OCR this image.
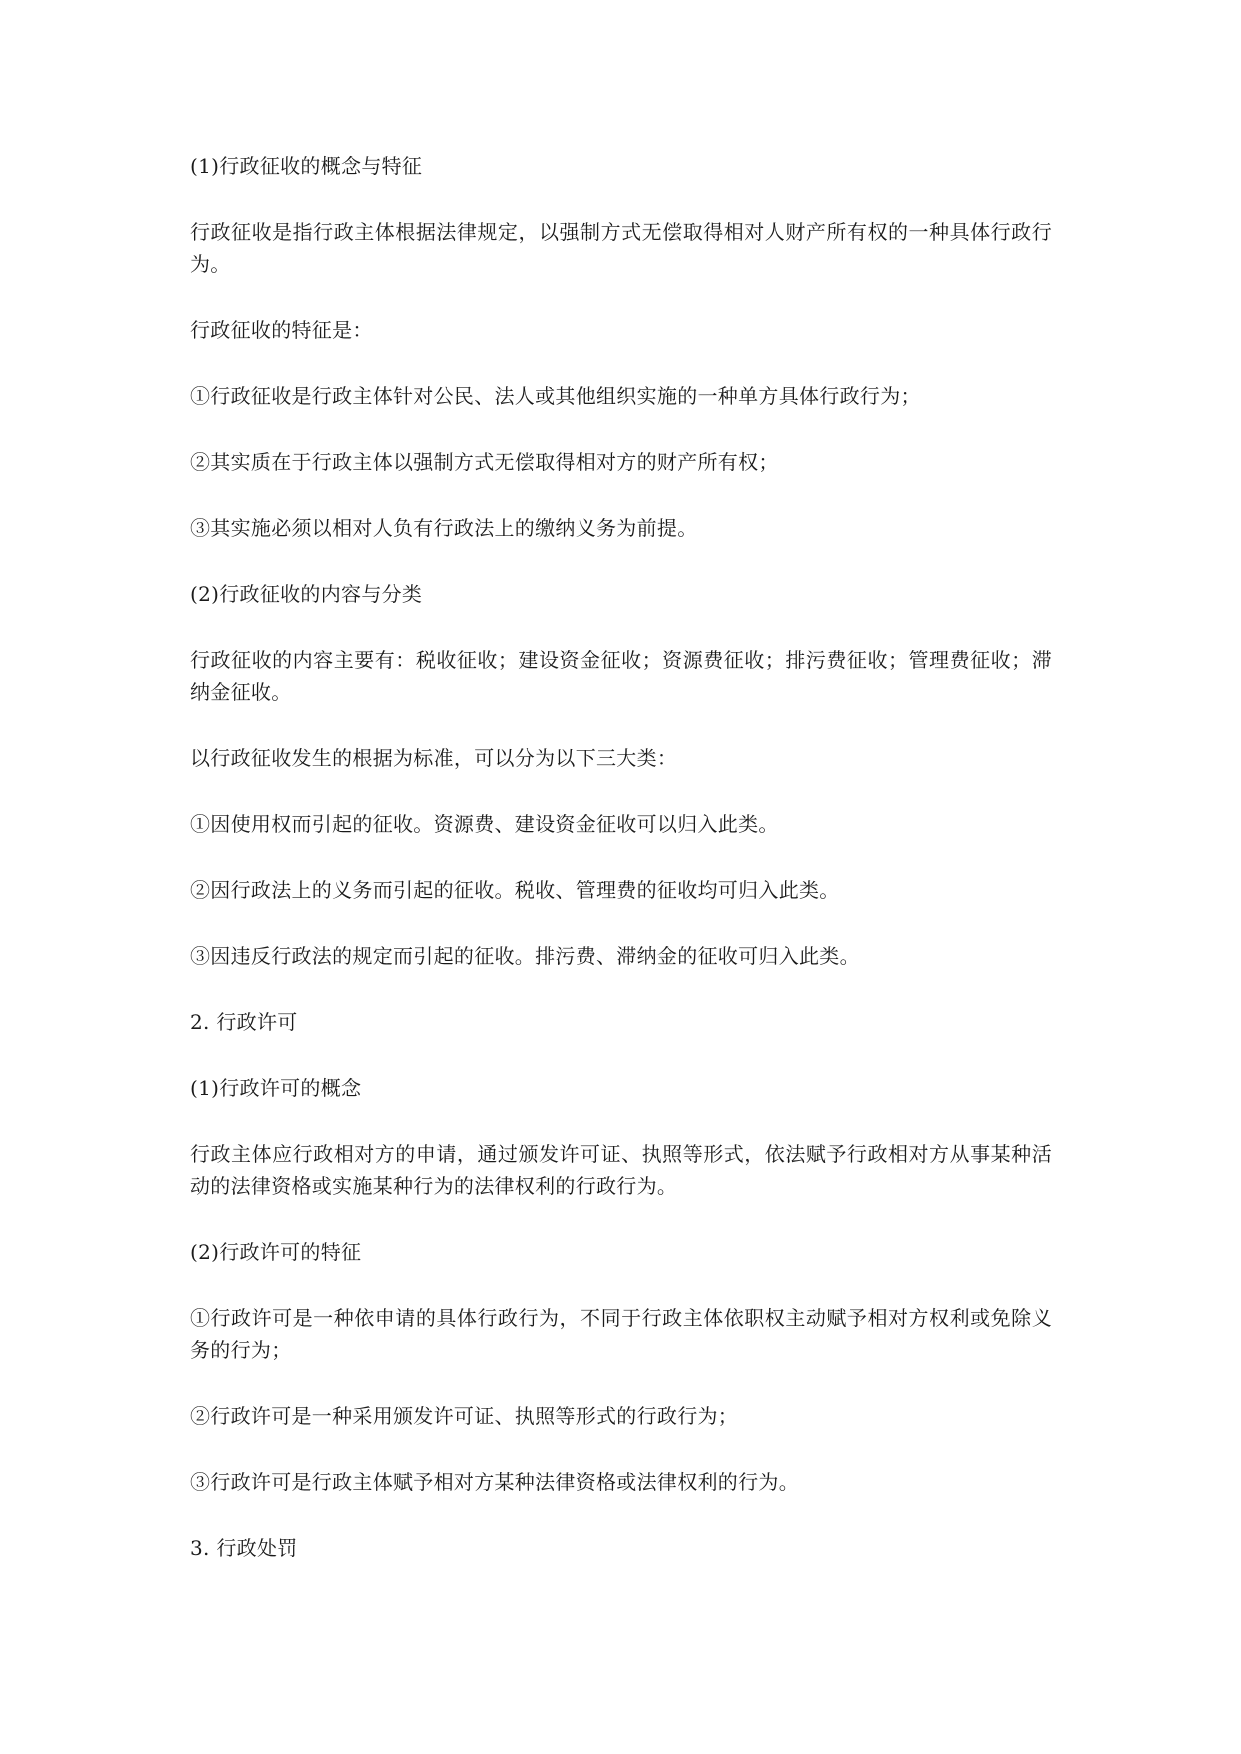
(1)行政征收的概念与特征

行政征收是指行政主体根据法律规定，以强制方式无偿取得相对人财产所有权的一种具体行政行为。

行政征收的特征是：

①行政征收是行政主体针对公民、法人或其他组织实施的一种单方具体行政行为；

②其实质在于行政主体以强制方式无偿取得相对方的财产所有权；

③其实施必须以相对人负有行政法上的缴纳义务为前提。

(2)行政征收的内容与分类

行政征收的内容主要有：税收征收；建设资金征收；资源费征收；排污费征收；管理费征收；滞纳金征收。

以行政征收发生的根据为标准，可以分为以下三大类：

①因使用权而引起的征收。资源费、建设资金征收可以归入此类。

②因行政法上的义务而引起的征收。税收、管理费的征收均可归入此类。

③因违反行政法的规定而引起的征收。排污费、滞纳金的征收可归入此类。

2. 行政许可

(1)行政许可的概念

行政主体应行政相对方的申请，通过颁发许可证、执照等形式，依法赋予行政相对方从事某种活动的法律资格或实施某种行为的法律权利的行政行为。

(2)行政许可的特征

①行政许可是一种依申请的具体行政行为，不同于行政主体依职权主动赋予相对方权利或免除义务的行为；

②行政许可是一种采用颁发许可证、执照等形式的行政行为；

③行政许可是行政主体赋予相对方某种法律资格或法律权利的行为。

3. 行政处罚
